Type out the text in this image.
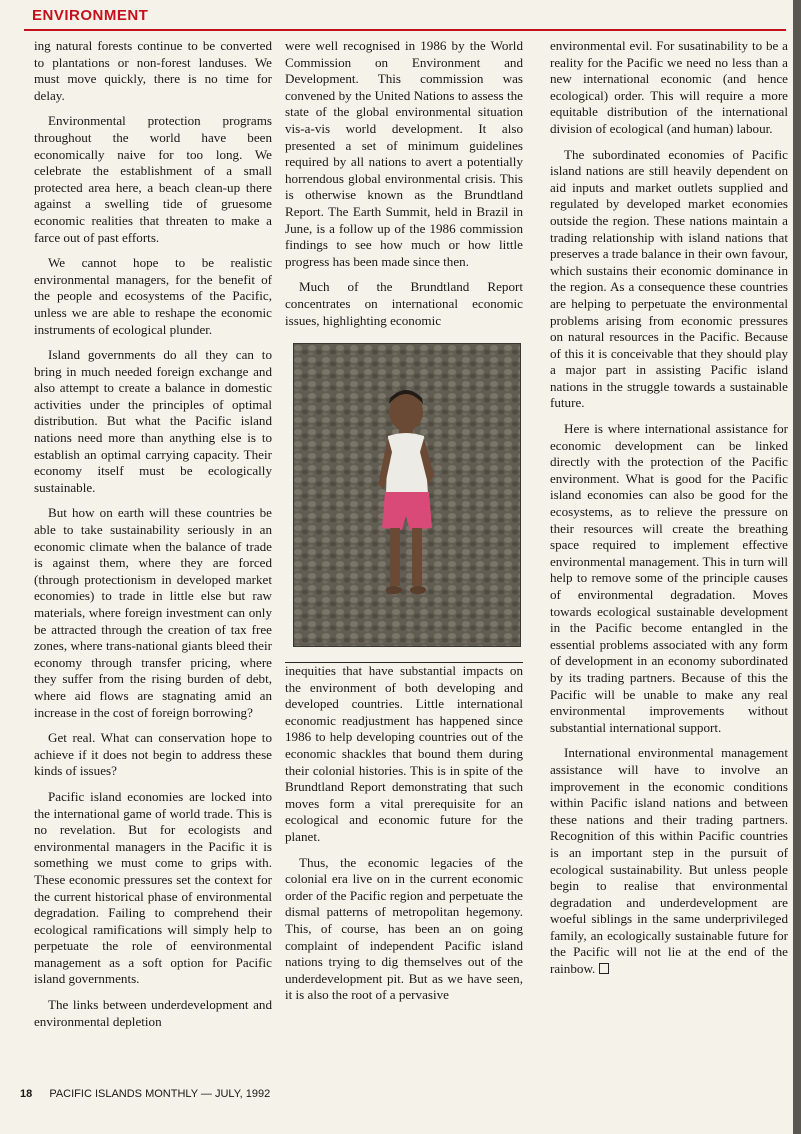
ENVIRONMENT

ing natural forests continue to be converted to plantations or non-forest landuses. We must move quickly, there is no time for delay.

Environmental protection programs throughout the world have been economically naive for too long. We celebrate the establishment of a small protected area here, a beach clean-up there against a swelling tide of gruesome economic realities that threaten to make a farce out of past efforts.

We cannot hope to be realistic environmental managers, for the benefit of the people and ecosystems of the Pacific, unless we are able to reshape the economic instruments of ecological plunder.

Island governments do all they can to bring in much needed foreign exchange and also attempt to create a balance in domestic activities under the principles of optimal distribution. But what the Pacific island nations need more than anything else is to establish an optimal carrying capacity. Their economy itself must be ecologically sustainable.

But how on earth will these countries be able to take sustainability seriously in an economic climate when the balance of trade is against them, where they are forced (through protectionism in developed market economies) to trade in little else but raw materials, where foreign investment can only be attracted through the creation of tax free zones, where trans-national giants bleed their economy through transfer pricing, where they suffer from the rising burden of debt, where aid flows are stagnating amid an increase in the cost of foreign borrowing?

Get real. What can conservation hope to achieve if it does not begin to address these kinds of issues?

Pacific island economies are locked into the international game of world trade. This is no revelation. But for ecologists and environmental managers in the Pacific it is something we must come to grips with. These economic pressures set the context for the current historical phase of environmental degradation. Failing to comprehend their ecological ramifications will simply help to perpetuate the role of eenvironmental management as a soft option for Pacific island governments.

The links between underdevelopment and environmental depletion

were well recognised in 1986 by the World Commission on Environment and Development. This commission was convened by the United Nations to assess the state of the global environmental situation vis-a-vis world development. It also presented a set of minimum guidelines required by all nations to avert a potentially horrendous global environmental crisis. This is otherwise known as the Brundtland Report. The Earth Summit, held in Brazil in June, is a follow up of the 1986 commission findings to see how much or how little progress has been made since then.

Much of the Brundtland Report concentrates on international economic issues, highlighting economic

inequities that have substantial impacts on the environment of both developing and developed countries. Little international economic readjustment has happened since 1986 to help developing countries out of the economic shackles that bound them during their colonial histories. This is in spite of the Brundtland Report demonstrating that such moves form a vital prerequisite for an ecological and economic future for the planet.

Thus, the economic legacies of the colonial era live on in the current economic order of the Pacific region and perpetuate the dismal patterns of metropolitan hegemony. This, of course, has been an on going complaint of independent Pacific island nations trying to dig themselves out of the underdevelopment pit. But as we have seen, it is also the root of a pervasive

environmental evil. For susatinability to be a reality for the Pacific we need no less than a new international economic (and hence ecological) order. This will require a more equitable distribution of the international division of ecological (and human) labour.

The subordinated economies of Pacific island nations are still heavily dependent on aid inputs and market outlets supplied and regulated by developed market economies outside the region. These nations maintain a trading relationship with island nations that preserves a trade balance in their own favour, which sustains their economic dominance in the region. As a consequence these countries are helping to perpetuate the environmental problems arising from economic pressures on natural resources in the Pacific. Because of this it is conceivable that they should play a major part in assisting Pacific island nations in the struggle towards a sustainable future.

Here is where international assistance for economic development can be linked directly with the protection of the Pacific environment. What is good for the Pacific island economies can also be good for the ecosystems, as to relieve the pressure on their resources will create the breathing space required to implement effective environmental management. This in turn will help to remove some of the principle causes of environmental degradation. Moves towards ecological sustainable development in the Pacific become entangled in the essential problems associated with any form of development in an economy subordinated by its trading partners. Because of this the Pacific will be unable to make any real environmental improvements without substantial international support.

International environmental management assistance will have to involve an improvement in the economic conditions within Pacific island nations and between these nations and their trading partners. Recognition of this within Pacific countries is an important step in the pursuit of ecological sustainability. But unless people begin to realise that environmental degradation and underdevelopment are woeful siblings in the same underprivileged family, an ecologically sustainable future for the Pacific will not lie at the end of the rainbow.

18 PACIFIC ISLANDS MONTHLY — JULY, 1992
